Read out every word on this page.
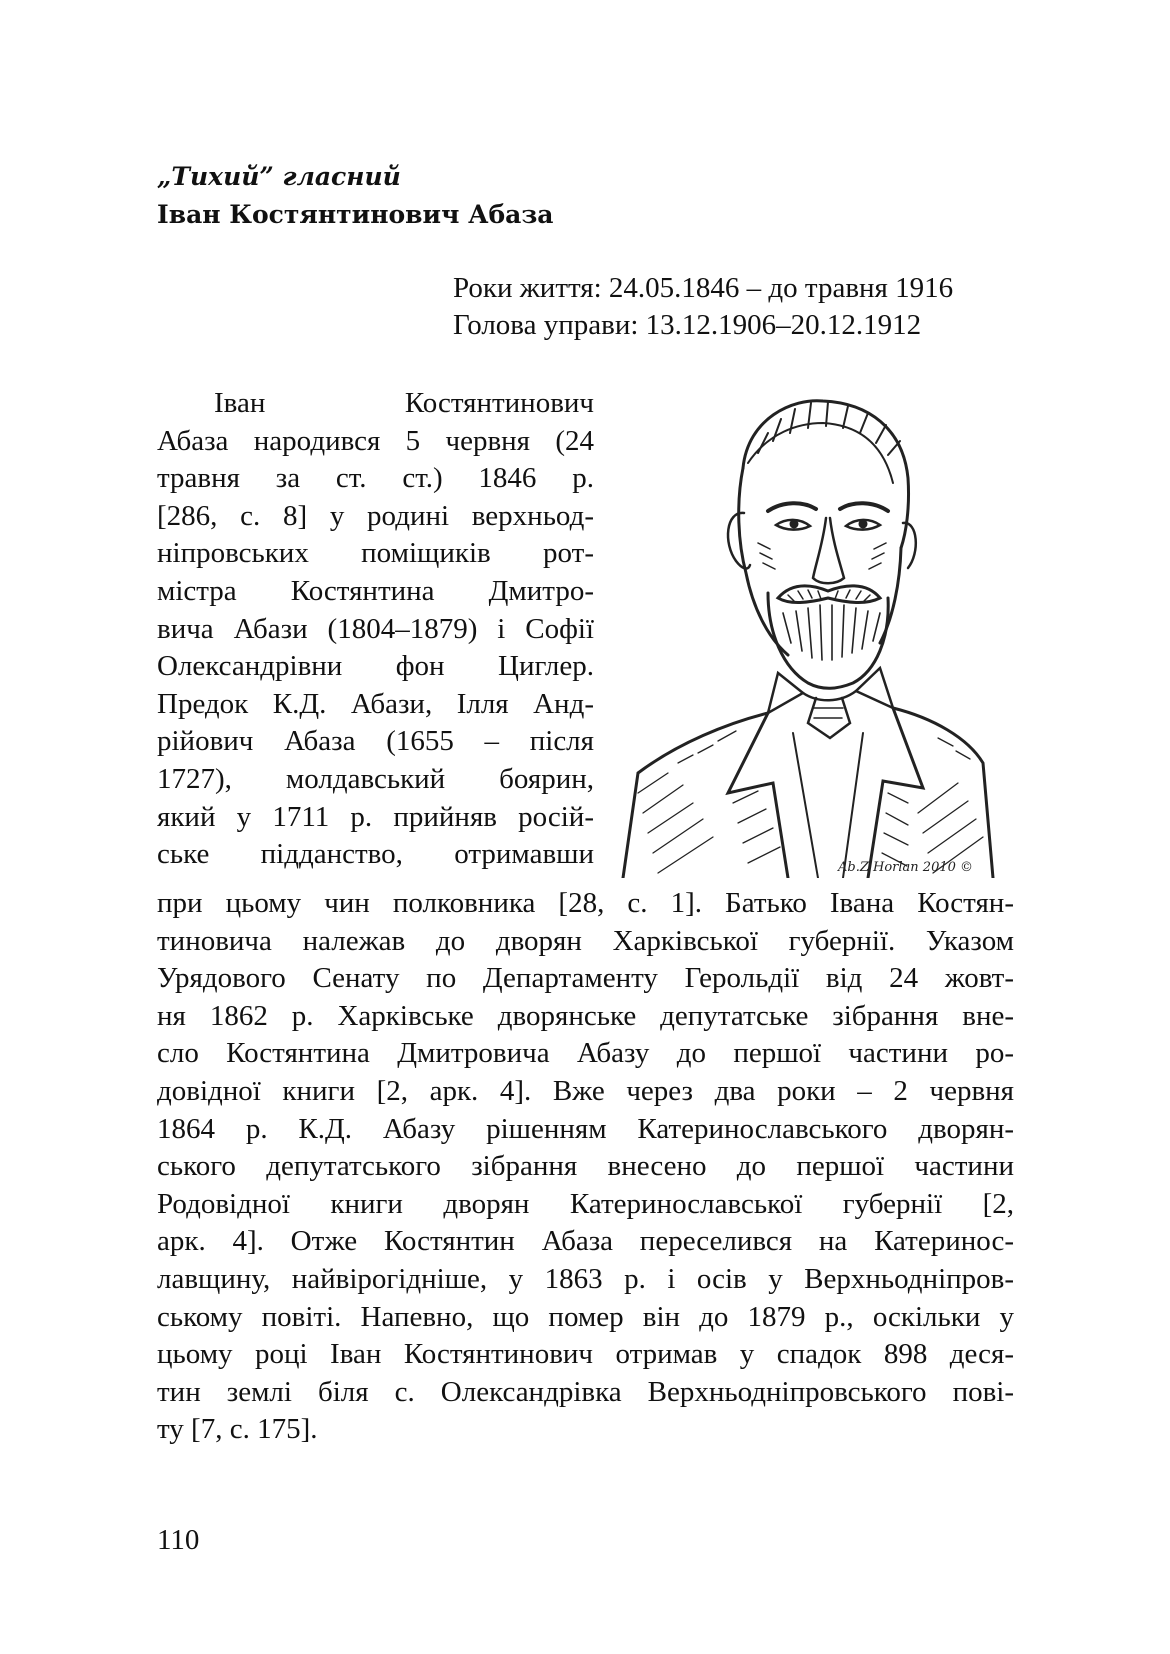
„Тихий” гласний
Іван Костянтинович Абаза
Роки життя: 24.05.1846 – до травня 1916
Голова управи: 13.12.1906–20.12.1912
Ab.Z Horlan 2010 ©
Іван Костянтинович
Абаза народився 5 червня (24
травня за ст. ст.) 1846 р.
[286, с. 8] у родині верхньод-
ніпровських поміщиків рот-
містра Костянтина Дмитро-
вича Абази (1804–1879) і Софії
Олександрівни фон Циглер.
Предок К.Д. Абази, Ілля Анд-
рійович Абаза (1655 – після
1727), молдавський боярин,
який у 1711 р. прийняв росій-
ське підданство, отримавши
при цьому чин полковника [28, с. 1]. Батько Івана Костян-
тиновича належав до дворян Харківської губернії. Указом
Урядового Сенату по Департаменту Герольдії від 24 жовт-
ня 1862 р. Харківське дворянське депутатське зібрання вне-
сло Костянтина Дмитровича Абазу до першої частини ро-
довідної книги [2, арк. 4]. Вже через два роки – 2 червня
1864 р. К.Д. Абазу рішенням Катеринославського дворян-
ського депутатського зібрання внесено до першої частини
Родовідної книги дворян Катеринославської губернії [2,
арк. 4]. Отже Костянтин Абаза переселився на Катеринос-
лавщину, найвірогідніше, у 1863 р. і осів у Верхньодніпров-
ському повіті. Напевно, що помер він до 1879 р., оскільки у
цьому році Іван Костянтинович отримав у спадок 898 деся-
тин землі біля с. Олександрівка Верхньодніпровського пові-
ту [7, с. 175].
110
